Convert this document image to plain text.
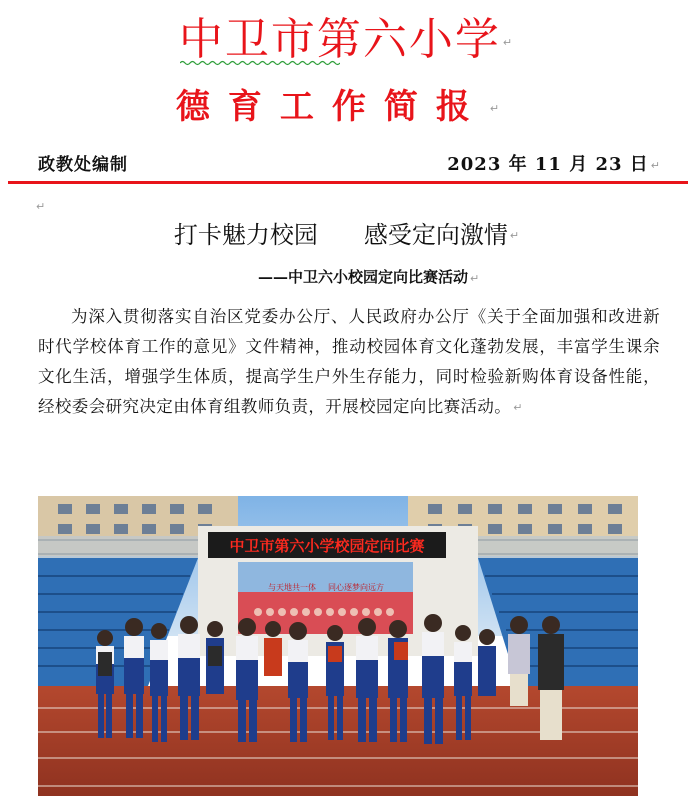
中卫市第六小学 ↵
德育工作简报 ↵
政教处编制	2023 年 11 月 23 日 ↵
↵
打卡魅力校园 感受定向激情 ↵
——中卫六小校园定向比赛活动 ↵
为深入贯彻落实自治区党委办公厅、人民政府办公厅《关于全面加强和改进新时代学校体育工作的意见》文件精神，推动校园体育文化蓬勃发展，丰富学生课余文化生活，增强学生体质，提高学生户外生存能力，同时检验新购体育设备性能，经校委会研究决定由体育组教师负责，开展校园定向比赛活动。 ↵
中卫市第六小学校园定向比赛
与天地共一体 同心逐梦向远方
